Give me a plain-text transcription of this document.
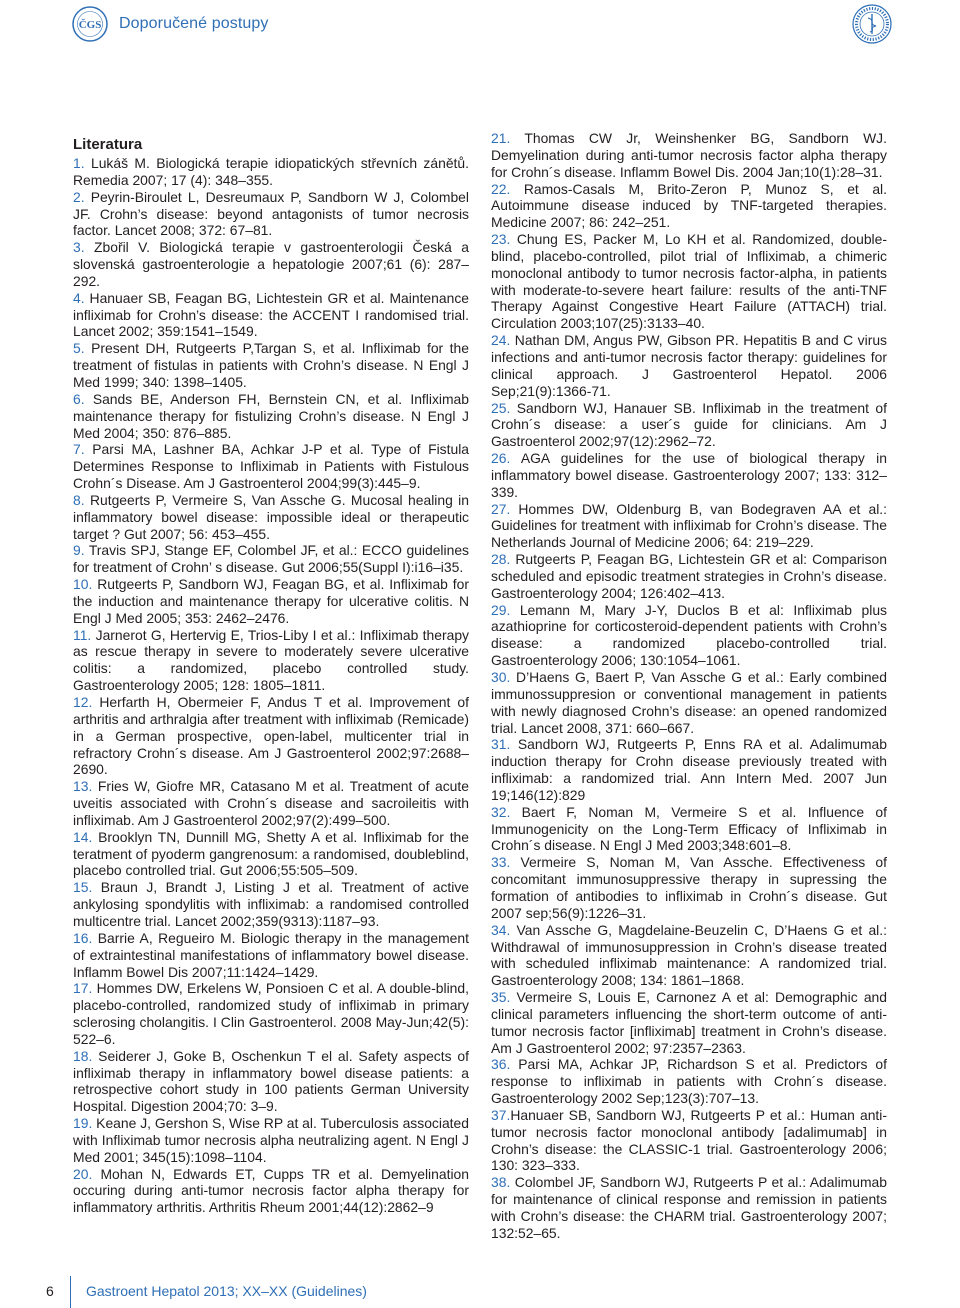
ČGS Doporučené postupy
Literatura

1. Lukáš M. Biologická terapie idiopatických střevních zánětů. Remedia 2007; 17 (4): 348–355.

2. Peyrin-Biroulet L, Desreumaux P, Sandborn W J, Colombel JF. Crohn’s disease: beyond antagonists of tumor necrosis factor. Lancet 2008; 372: 67–81.

3. Zbořil V. Biologická terapie v gastroenterologii Česká a slovenská gastroenterologie a hepatologie 2007;61 (6): 287–292.

4. Hanuaer SB, Feagan BG, Lichtestein GR et al. Maintenance infliximab for Crohn’s disease: the ACCENT I randomised trial. Lancet 2002; 359:1541–1549.

5. Present DH, Rutgeerts P,Targan S, et al. Infliximab for the treatment of fistulas in patients with Crohn’s disease. N Engl J Med 1999; 340: 1398–1405.

6. Sands BE, Anderson FH, Bernstein CN, et al. Infliximab maintenance therapy for fistulizing Crohn’s disease. N Engl J Med 2004; 350: 876–885.

7. Parsi MA, Lashner BA, Achkar J-P et al. Type of Fistula Determines Response to Infliximab in Patients with Fistulous Crohn´s Disease. Am J Gastroenterol 2004;99(3):445–9.

8. Rutgeerts P, Vermeire S, Van Assche G. Mucosal healing in inflammatory bowel disease: impossible ideal or therapeutic target ? Gut 2007; 56: 453–455.

9. Travis SPJ, Stange EF, Colombel JF, et al.: ECCO guidelines for treatment of Crohn’ s disease. Gut 2006;55(Suppl I):i16–i35.

10. Rutgeerts P, Sandborn WJ, Feagan BG, et al. Infliximab for the induction and maintenance therapy for ulcerative colitis. N Engl J Med 2005; 353: 2462–2476.

11. Jarnerot G, Hertervig E, Trios-Liby I et al.: Infliximab therapy as rescue therapy in severe to moderately severe ulcerative colitis: a randomized, placebo controlled study. Gastroenterology 2005; 128: 1805–1811.

12. Herfarth H, Obermeier F, Andus T et al. Improvement of arthritis and arthralgia after treatment with infliximab (Remicade) in a German prospective, open-label, multicenter trial in refractory Crohn´s disease. Am J Gastroenterol 2002;97:2688–2690.

13. Fries W, Giofre MR, Catasano M et al. Treatment of acute uveitis associated with Crohn´s disease and sacroileitis with infliximab. Am J Gastroenterol 2002;97(2):499–500.

14. Brooklyn TN, Dunnill MG, Shetty A et al. Infliximab for the teratment of pyoderm gangrenosum: a randomised, doubleblind, placebo controlled trial. Gut 2006;55:505–509.

15. Braun J, Brandt J, Listing J et al. Treatment of active ankylosing spondylitis with infliximab: a randomised controlled multicentre trial. Lancet 2002;359(9313):1187–93.

16. Barrie A, Regueiro M. Biologic therapy in the management of extraintestinal manifestations of inflammatory bowel disease. Inflamm Bowel Dis 2007;11:1424–1429.

17. Hommes DW, Erkelens W, Ponsioen C et al. A double-blind, placebo-controlled, randomized study of infliximab in primary sclerosing cholangitis. I Clin Gastroenterol. 2008 May-Jun;42(5): 522–6.

18. Seiderer J, Goke B, Oschenkun T el al. Safety aspects of infliximab therapy in inflammatory bowel disease patients: a retrospective cohort study in 100 patients German University Hospital. Digestion 2004;70: 3–9.

19. Keane J, Gershon S, Wise RP at al. Tuberculosis associated with Infliximab tumor necrosis alpha neutralizing agent. N Engl J Med 2001; 345(15):1098–1104.

20. Mohan N, Edwards ET, Cupps TR et al. Demyelination occuring during anti-tumor necrosis factor alpha therapy for inflammatory arthritis. Arthritis Rheum 2001;44(12):2862–9

21. Thomas CW Jr, Weinshenker BG, Sandborn WJ. Demyelination during anti-tumor necrosis factor alpha therapy for Crohn´s disease. Inflamm Bowel Dis. 2004 Jan;10(1):28–31.

22. Ramos-Casals M, Brito-Zeron P, Munoz S, et al. Autoimmune disease induced by TNF-targeted therapies. Medicine 2007; 86: 242–251.

23. Chung ES, Packer M, Lo KH et al. Randomized, double-blind, placebo-controlled, pilot trial of Infliximab, a chimeric monoclonal antibody to tumor necrosis factor-alpha, in patients with moderate-to-severe heart failure: results of the anti-TNF Therapy Against Congestive Heart Failure (ATTACH) trial. Circulation 2003;107(25):3133–40.

24. Nathan DM, Angus PW, Gibson PR. Hepatitis B and C virus infections and anti-tumor necrosis factor therapy: guidelines for clinical approach. J Gastroenterol Hepatol. 2006 Sep;21(9):1366-71.

25. Sandborn WJ, Hanauer SB. Infliximab in the treatment of Crohn´s disease: a user´s guide for clinicians. Am J Gastroenterol 2002;97(12):2962–72.

26. AGA guidelines for the use of biological therapy in inflammatory bowel disease. Gastroenterology 2007; 133: 312–339.

27. Hommes DW, Oldenburg B, van Bodegraven AA et al.: Guidelines for treatment with infliximab for Crohn’s disease. The Netherlands Journal of Medicine 2006; 64: 219–229.

28. Rutgeerts P, Feagan BG, Lichtestein GR et al: Comparison scheduled and episodic treatment strategies in Crohn’s disease. Gastroenterology 2004; 126:402–413.

29. Lemann M, Mary J-Y, Duclos B et al: Infliximab plus azathioprine for corticosteroid-dependent patients with Crohn’s disease: a randomized placebo-controlled trial. Gastroenterology 2006; 130:1054–1061.

30. D’Haens G, Baert P, Van Assche G et al.: Early combined immunossuppresion or conventional management in patients with newly diagnosed Crohn’s disease: an opened randomized trial. Lancet 2008, 371: 660–667.

31. Sandborn WJ, Rutgeerts P, Enns RA et al. Adalimumab induction therapy for Crohn disease previously treated with infliximab: a randomized trial. Ann Intern Med. 2007 Jun 19;146(12):829

32. Baert F, Noman M, Vermeire S et al. Influence of Immunogenicity on the Long-Term Efficacy of Infliximab in Crohn´s disease. N Engl J Med 2003;348:601–8.

33. Vermeire S, Noman M, Van Assche. Effectiveness of concomitant immunosuppressive therapy in supressing the formation of antibodies to infliximab in Crohn´s disease. Gut 2007 sep;56(9):1226–31.

34. Van Assche G, Magdelaine-Beuzelin C, D’Haens G et al.: Withdrawal of immunosuppression in Crohn’s disease treated with scheduled infliximab maintenance: A randomized trial. Gastroenterology 2008; 134: 1861–1868.

35. Vermeire S, Louis E, Carnonez A et al: Demographic and clinical parameters influencing the short-term outcome of anti-tumor necrosis factor [infliximab] treatment in Crohn’s disease. Am J Gastroenterol 2002; 97:2357–2363.

36. Parsi MA, Achkar JP, Richardson S et al. Predictors of response to infliximab in patients with Crohn´s disease. Gastroenterology 2002 Sep;123(3):707–13.

37.Hanuaer SB, Sandborn WJ, Rutgeerts P et al.: Human anti-tumor necrosis factor monoclonal antibody [adalimumab] in Crohn’s disease: the CLASSIC-1 trial. Gastroenterology 2006; 130: 323–333.

38. Colombel JF, Sandborn WJ, Rutgeerts P et al.: Adalimumab for maintenance of clinical response and remission in patients with Crohn’s disease: the CHARM trial. Gastroenterology 2007; 132:52–65.

6 Gastroent Hepatol 2013; XX–XX (Guidelines)
